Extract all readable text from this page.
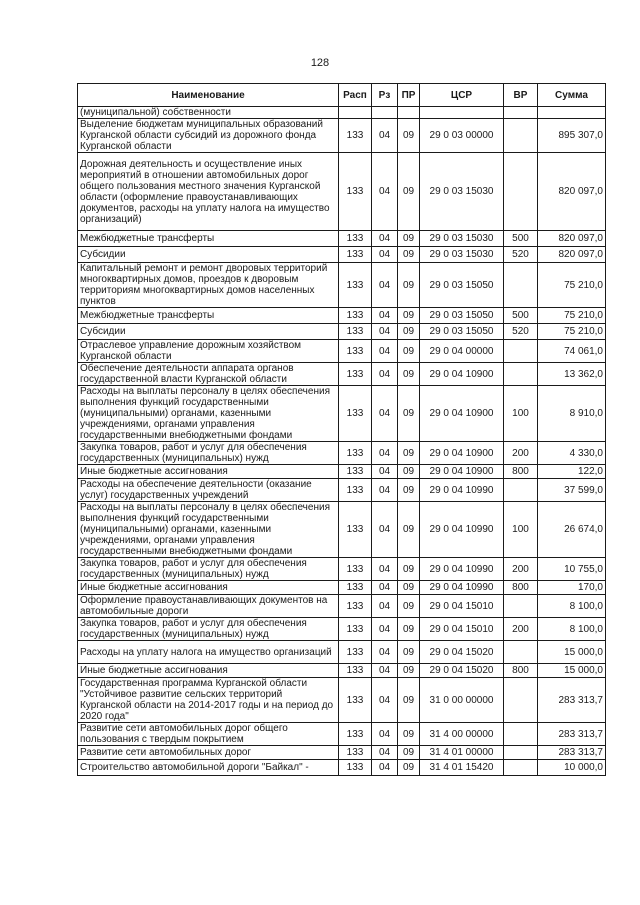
128
Наименование	Расп	Рз	ПР	ЦСР	ВР	Сумма
(муниципальной) собственности						
Выделение бюджетам муниципальных образований Курганской области субсидий из дорожного фонда Курганской области	133	04	09	29 0 03 00000		895 307,0
Дорожная деятельность и осуществление иных мероприятий в отношении автомобильных дорог общего пользования местного значения Курганской области (оформление правоустанавливающих документов, расходы на уплату налога на имущество организаций)	133	04	09	29 0 03 15030		820 097,0
Межбюджетные трансферты	133	04	09	29 0 03 15030	500	820 097,0
Субсидии	133	04	09	29 0 03 15030	520	820 097,0
Капитальный ремонт и ремонт дворовых территорий многоквартирных домов, проездов к дворовым территориям многоквартирных домов населенных пунктов	133	04	09	29 0 03 15050		75 210,0
Межбюджетные трансферты	133	04	09	29 0 03 15050	500	75 210,0
Субсидии	133	04	09	29 0 03 15050	520	75 210,0
Отраслевое управление дорожным хозяйством Курганской области	133	04	09	29 0 04 00000		74 061,0
Обеспечение деятельности аппарата органов государственной власти Курганской области	133	04	09	29 0 04 10900		13 362,0
Расходы на выплаты персоналу в целях обеспечения выполнения функций государственными (муниципальными) органами, казенными учреждениями, органами управления государственными внебюджетными фондами	133	04	09	29 0 04 10900	100	8 910,0
Закупка товаров, работ и услуг для обеспечения государственных (муниципальных) нужд	133	04	09	29 0 04 10900	200	4 330,0
Иные бюджетные ассигнования	133	04	09	29 0 04 10900	800	122,0
Расходы на обеспечение деятельности (оказание услуг) государственных учреждений	133	04	09	29 0 04 10990		37 599,0
Расходы на выплаты персоналу в целях обеспечения выполнения функций государственными (муниципальными) органами, казенными учреждениями, органами управления государственными внебюджетными фондами	133	04	09	29 0 04 10990	100	26 674,0
Закупка товаров, работ и услуг для обеспечения государственных (муниципальных) нужд	133	04	09	29 0 04 10990	200	10 755,0
Иные бюджетные ассигнования	133	04	09	29 0 04 10990	800	170,0
Оформление правоустанавливающих документов на автомобильные дороги	133	04	09	29 0 04 15010		8 100,0
Закупка товаров, работ и услуг для обеспечения государственных (муниципальных) нужд	133	04	09	29 0 04 15010	200	8 100,0
Расходы на уплату налога на имущество организаций	133	04	09	29 0 04 15020		15 000,0
Иные бюджетные ассигнования	133	04	09	29 0 04 15020	800	15 000,0
Государственная программа Курганской области "Устойчивое развитие сельских территорий Курганской области на 2014-2017 годы и на период до 2020 года"	133	04	09	31 0 00 00000		283 313,7
Развитие сети автомобильных дорог общего пользования с твердым покрытием	133	04	09	31 4 00 00000		283 313,7
Развитие сети автомобильных дорог	133	04	09	31 4 01 00000		283 313,7
Строительство автомобильной дороги "Байкал" -	133	04	09	31 4 01 15420		10 000,0
